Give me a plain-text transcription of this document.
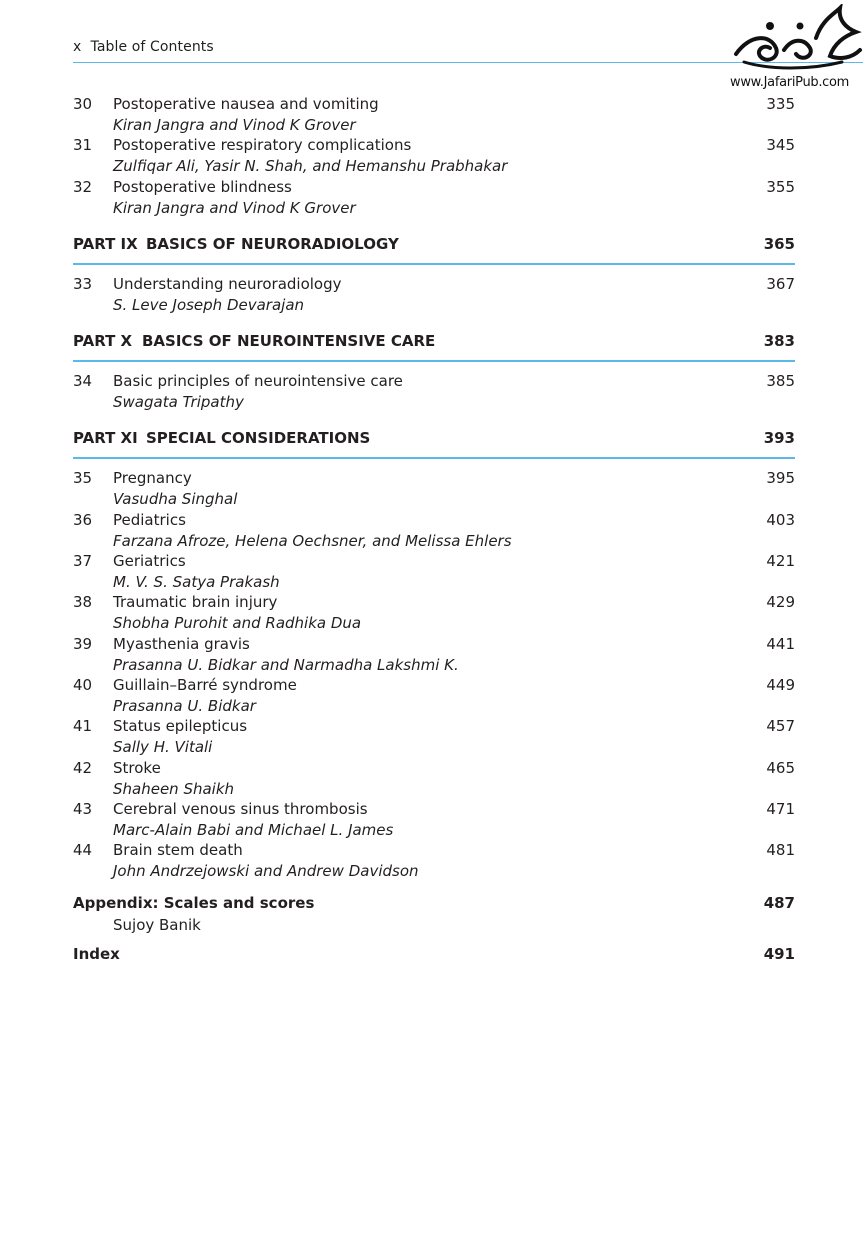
x Table of Contents
www.JafariPub.com
30 Postoperative nausea and vomiting	335
Kiran Jangra and Vinod K Grover
31 Postoperative respiratory complications	345
Zulfiqar Ali, Yasir N. Shah, and Hemanshu Prabhakar
32 Postoperative blindness	355
Kiran Jangra and Vinod K Grover
PART IX BASICS OF NEURORADIOLOGY	365
33 Understanding neuroradiology	367
S. Leve Joseph Devarajan
PART X BASICS OF NEUROINTENSIVE CARE	383
34 Basic principles of neurointensive care	385
Swagata Tripathy
PART XI SPECIAL CONSIDERATIONS	393
35 Pregnancy	395
Vasudha Singhal
36 Pediatrics	403
Farzana Afroze, Helena Oechsner, and Melissa Ehlers
37 Geriatrics	421
M. V. S. Satya Prakash
38 Traumatic brain injury	429
Shobha Purohit and Radhika Dua
39 Myasthenia gravis	441
Prasanna U. Bidkar and Narmadha Lakshmi K.
40 Guillain–Barré syndrome	449
Prasanna U. Bidkar
41 Status epilepticus	457
Sally H. Vitali
42 Stroke	465
Shaheen Shaikh
43 Cerebral venous sinus thrombosis	471
Marc-Alain Babi and Michael L. James
44 Brain stem death	481
John Andrzejowski and Andrew Davidson
Appendix: Scales and scores	487
Sujoy Banik
Index	491
